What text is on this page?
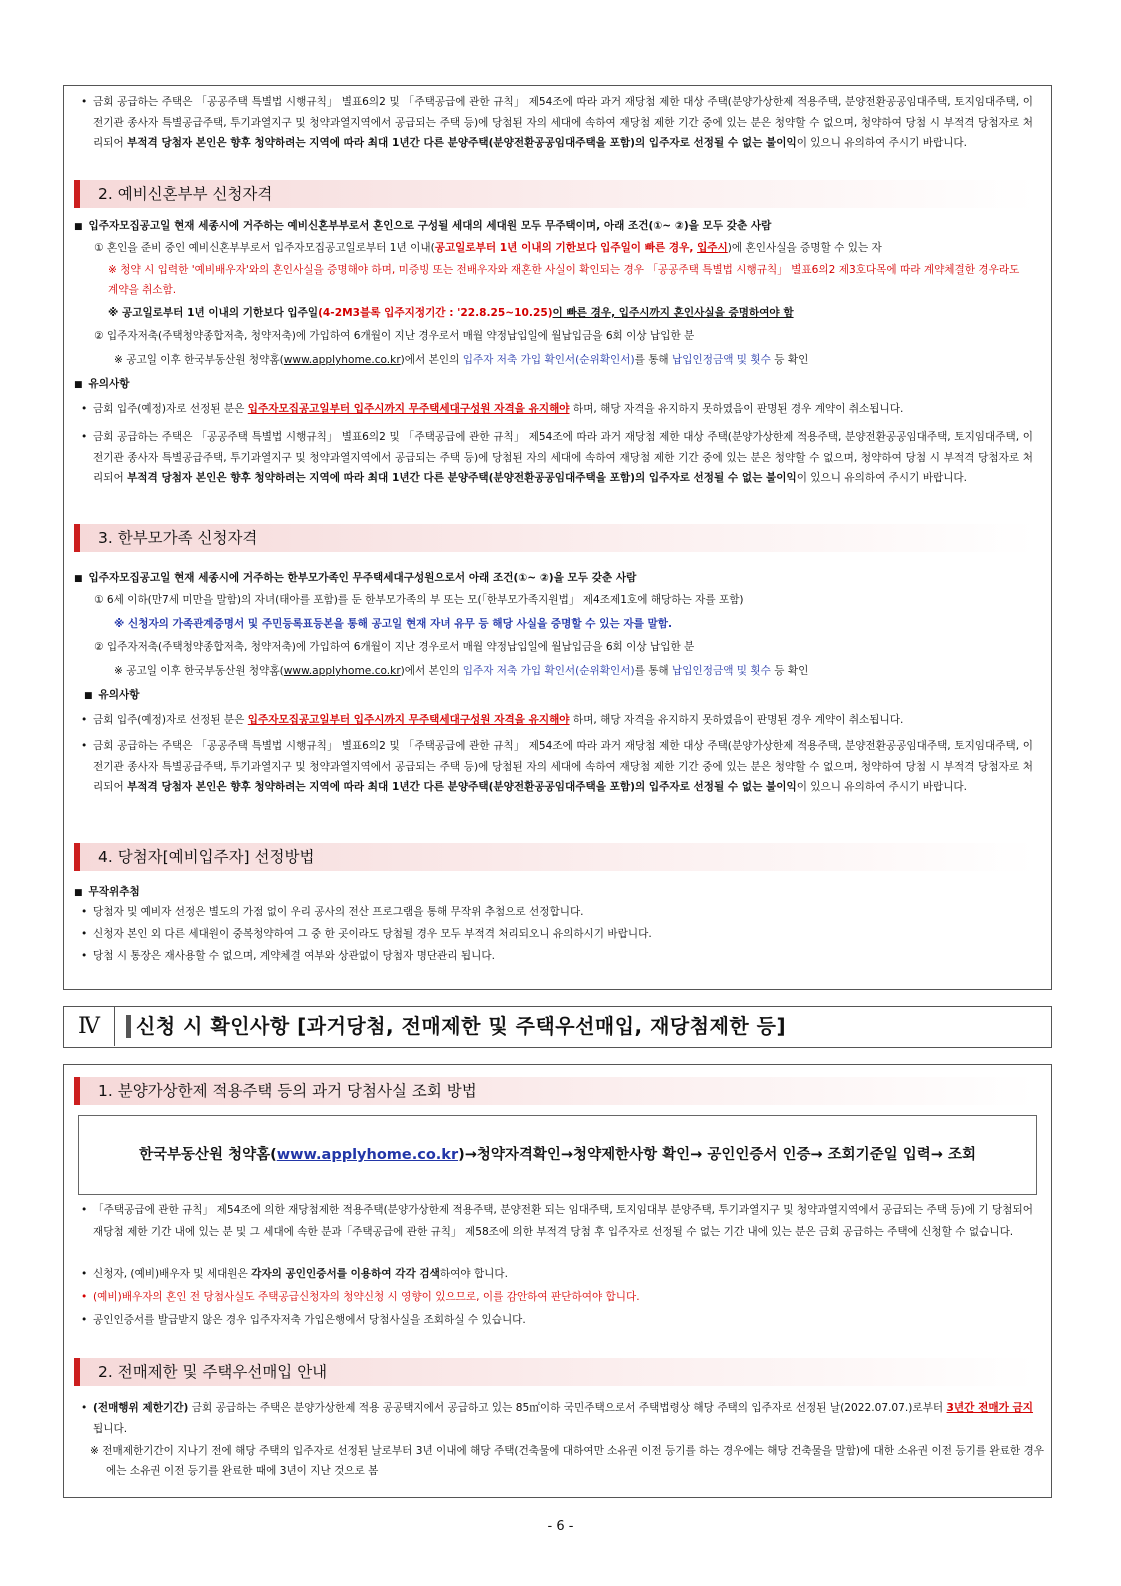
• 금회 공급하는 주택은 「공공주택 특별법 시행규칙」 별표6의2 및 「주택공급에 관한 규칙」 제54조에 따라 과거 재당첨 제한 대상 주택(분양가상한제 적용주택, 분양전환공공임대주택, 토지임대주택, 이전기관 종사자 특별공급주택, 투기과열지구 및 청약과열지역에서 공급되는 주택 등)에 당첨된 자의 세대에 속하여 재당첨 제한 기간 중에 있는 분은 청약할 수 없으며, 청약하여 당첨 시 부적격 당첨자로 처리되어 부적격 당첨자 본인은 향후 청약하려는 지역에 따라 최대 1년간 다른 분양주택(분양전환공공임대주택을 포함)의 입주자로 선정될 수 없는 불이익이 있으니 유의하여 주시기 바랍니다.
2. 예비신혼부부 신청자격
■ 입주자모집공고일 현재 세종시에 거주하는 예비신혼부부로서 혼인으로 구성될 세대의 세대원 모두 무주택이며, 아래 조건(①~ ②)을 모두 갖춘 사람
① 혼인을 준비 중인 예비신혼부부로서 입주자모집공고일로부터 1년 이내(공고일로부터 1년 이내의 기한보다 입주일이 빠른 경우, 입주시)에 혼인사실을 증명할 수 있는 자
※ 청약 시 입력한 '예비배우자'와의 혼인사실을 증명해야 하며, 미증빙 또는 전배우자와 재혼한 사실이 확인되는 경우 「공공주택 특별법 시행규칙」 별표6의2 제3호다목에 따라 계약체결한 경우라도 계약을 취소함.
※ 공고일로부터 1년 이내의 기한보다 입주일(4-2M3블록 입주지정기간 : '22.8.25~10.25)이 빠른 경우, 입주시까지 혼인사실을 증명하여야 함
② 입주자저축(주택청약종합저축, 청약저축)에 가입하여 6개월이 지난 경우로서 매월 약정납입일에 월납입금을 6회 이상 납입한 분
※ 공고일 이후 한국부동산원 청약홈(www.applyhome.co.kr)에서 본인의 입주자 저축 가입 확인서(순위확인서)를 통해 납입인정금액 및 횟수 등 확인
■ 유의사항
• 금회 입주(예정)자로 선정된 분은 입주자모집공고일부터 입주시까지 무주택세대구성원 자격을 유지해야 하며, 해당 자격을 유지하지 못하였음이 판명된 경우 계약이 취소됩니다.
• 금회 공급하는 주택은 「공공주택 특별법 시행규칙」 별표6의2 및 「주택공급에 관한 규칙」 제54조에 따라 과거 재당첨 제한 대상 주택(분양가상한제 적용주택, 분양전환공공임대주택, 토지임대주택, 이전기관 종사자 특별공급주택, 투기과열지구 및 청약과열지역에서 공급되는 주택 등)에 당첨된 자의 세대에 속하여 재당첨 제한 기간 중에 있는 분은 청약할 수 없으며, 청약하여 당첨 시 부적격 당첨자로 처리되어 부적격 당첨자 본인은 향후 청약하려는 지역에 따라 최대 1년간 다른 분양주택(분양전환공공임대주택을 포함)의 입주자로 선정될 수 없는 불이익이 있으니 유의하여 주시기 바랍니다.
3. 한부모가족 신청자격
■ 입주자모집공고일 현재 세종시에 거주하는 한부모가족인 무주택세대구성원으로서 아래 조건(①~ ②)을 모두 갖춘 사람
① 6세 이하(만7세 미만을 말함)의 자녀(태아를 포함)를 둔 한부모가족의 부 또는 모(「한부모가족지원법」 제4조제1호에 해당하는 자를 포함)
※ 신청자의 가족관계증명서 및 주민등록표등본을 통해 공고일 현재 자녀 유무 등 해당 사실을 증명할 수 있는 자를 말함.
② 입주자저축(주택청약종합저축, 청약저축)에 가입하여 6개월이 지난 경우로서 매월 약정납입일에 월납입금을 6회 이상 납입한 분
※ 공고일 이후 한국부동산원 청약홈(www.applyhome.co.kr)에서 본인의 입주자 저축 가입 확인서(순위확인서)를 통해 납입인정금액 및 횟수 등 확인
■ 유의사항
• 금회 입주(예정)자로 선정된 분은 입주자모집공고일부터 입주시까지 무주택세대구성원 자격을 유지해야 하며, 해당 자격을 유지하지 못하였음이 판명된 경우 계약이 취소됩니다.
• 금회 공급하는 주택은 「공공주택 특별법 시행규칙」 별표6의2 및 「주택공급에 관한 규칙」 제54조에 따라 과거 재당첨 제한 대상 주택(분양가상한제 적용주택, 분양전환공공임대주택, 토지임대주택, 이전기관 종사자 특별공급주택, 투기과열지구 및 청약과열지역에서 공급되는 주택 등)에 당첨된 자의 세대에 속하여 재당첨 제한 기간 중에 있는 분은 청약할 수 없으며, 청약하여 당첨 시 부적격 당첨자로 처리되어 부적격 당첨자 본인은 향후 청약하려는 지역에 따라 최대 1년간 다른 분양주택(분양전환공공임대주택을 포함)의 입주자로 선정될 수 없는 불이익이 있으니 유의하여 주시기 바랍니다.
4. 당첨자[예비입주자] 선정방법
■ 무작위추첨
• 당첨자 및 예비자 선정은 별도의 가점 없이 우리 공사의 전산 프로그램을 통해 무작위 추첨으로 선정합니다.
• 신청자 본인 외 다른 세대원이 중복청약하여 그 중 한 곳이라도 당첨될 경우 모두 부적격 처리되오니 유의하시기 바랍니다.
• 당첨 시 통장은 재사용할 수 없으며, 계약체결 여부와 상관없이 당첨자 명단관리 됩니다.
Ⅳ	신청 시 확인사항 [과거당첨, 전매제한 및 주택우선매입, 재당첨제한 등]
1. 분양가상한제 적용주택 등의 과거 당첨사실 조회 방법
한국부동산원 청약홈(www.applyhome.co.kr)→청약자격확인→청약제한사항 확인→ 공인인증서 인증→ 조회기준일 입력→ 조회
• 「주택공급에 관한 규칙」 제54조에 의한 재당첨제한 적용주택(분양가상한제 적용주택, 분양전환 되는 임대주택, 토지임대부 분양주택, 투기과열지구 및 청약과열지역에서 공급되는 주택 등)에 기 당첨되어 재당첨 제한 기간 내에 있는 분 및 그 세대에 속한 분과「주택공급에 관한 규칙」 제58조에 의한 부적격 당첨 후 입주자로 선정될 수 없는 기간 내에 있는 분은 금회 공급하는 주택에 신청할 수 없습니다.
• 신청자, (예비)배우자 및 세대원은 각자의 공인인증서를 이용하여 각각 검색하여야 합니다.
• (예비)배우자의 혼인 전 당첨사실도 주택공급신청자의 청약신청 시 영향이 있으므로, 이를 감안하여 판단하여야 합니다.
• 공인인증서를 발급받지 않은 경우 입주자저축 가입은행에서 당첨사실을 조회하실 수 있습니다.
2. 전매제한 및 주택우선매입 안내
• (전매행위 제한기간) 금회 공급하는 주택은 분양가상한제 적용 공공택지에서 공급하고 있는 85㎡이하 국민주택으로서 주택법령상 해당 주택의 입주자로 선정된 날(2022.07.07.)로부터 3년간 전매가 금지됩니다.
※ 전매제한기간이 지나기 전에 해당 주택의 입주자로 선정된 날로부터 3년 이내에 해당 주택(건축물에 대하여만 소유권 이전 등기를 하는 경우에는 해당 건축물을 말함)에 대한 소유권 이전 등기를 완료한 경우에는 소유권 이전 등기를 완료한 때에 3년이 지난 것으로 봄
- 6 -
